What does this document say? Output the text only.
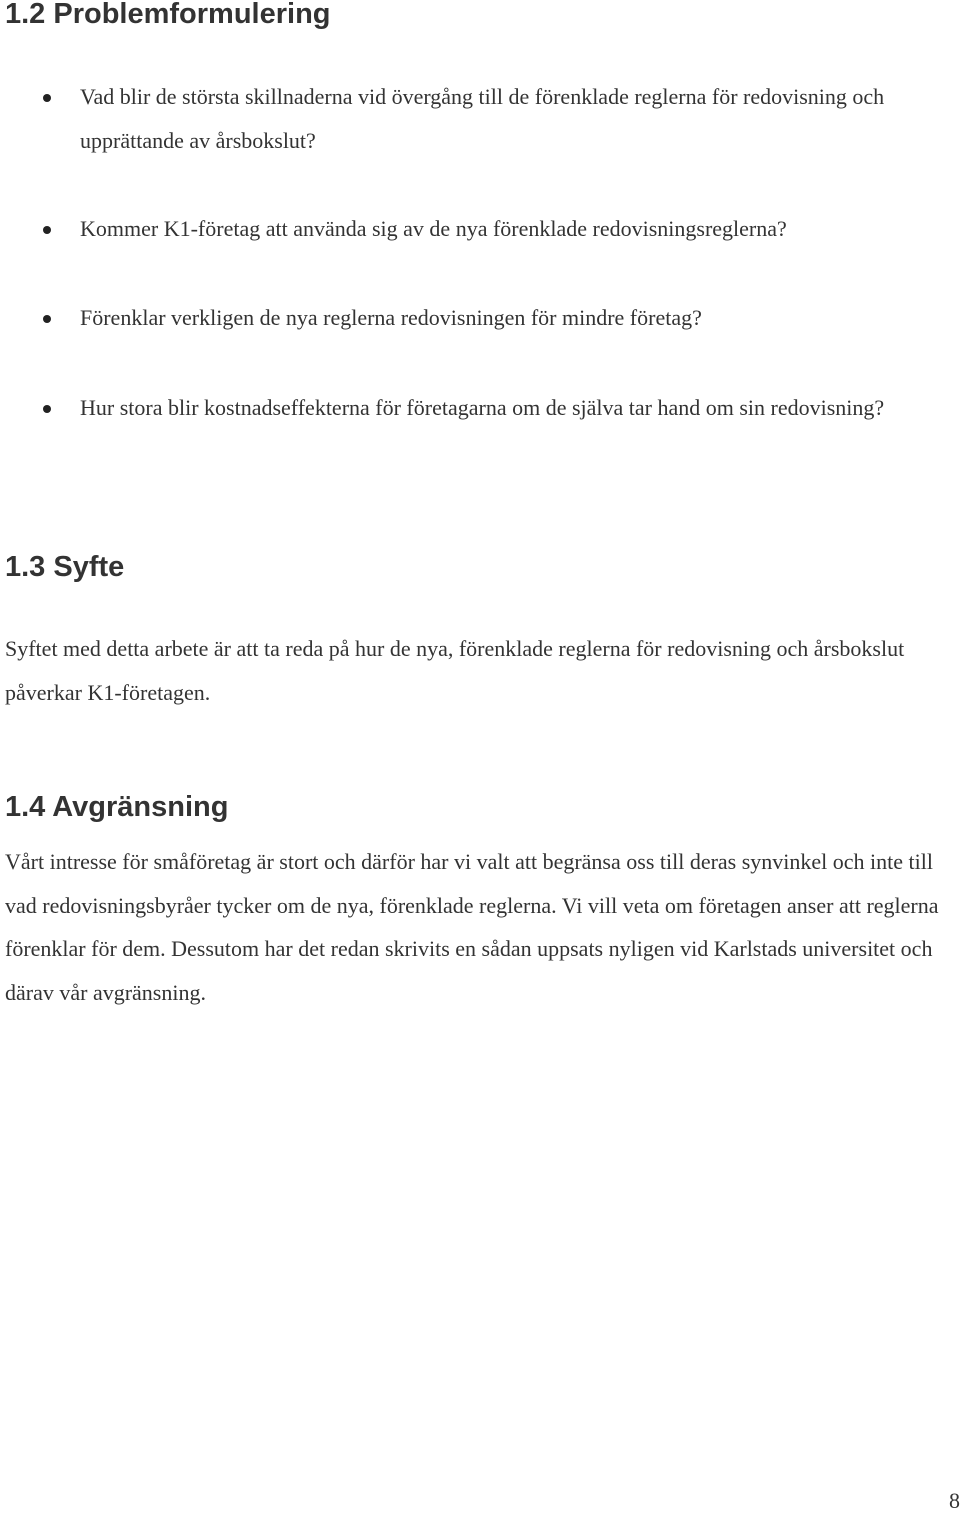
1.2 Problemformulering

Vad blir de största skillnaderna vid övergång till de förenklade reglerna för redovisning och upprättande av årsbokslut?

Kommer K1-företag att använda sig av de nya förenklade redovisningsreglerna?

Förenklar verkligen de nya reglerna redovisningen för mindre företag?

Hur stora blir kostnadseffekterna för företagarna om de själva tar hand om sin redovisning?

1.3 Syfte

Syftet med detta arbete är att ta reda på hur de nya, förenklade reglerna för redovisning och årsbokslut påverkar K1-företagen.

1.4 Avgränsning

Vårt intresse för småföretag är stort och därför har vi valt att begränsa oss till deras synvinkel och inte till vad redovisningsbyråer tycker om de nya, förenklade reglerna. Vi vill veta om företagen anser att reglerna förenklar för dem. Dessutom har det redan skrivits en sådan uppsats nyligen vid Karlstads universitet och därav vår avgränsning.

8
